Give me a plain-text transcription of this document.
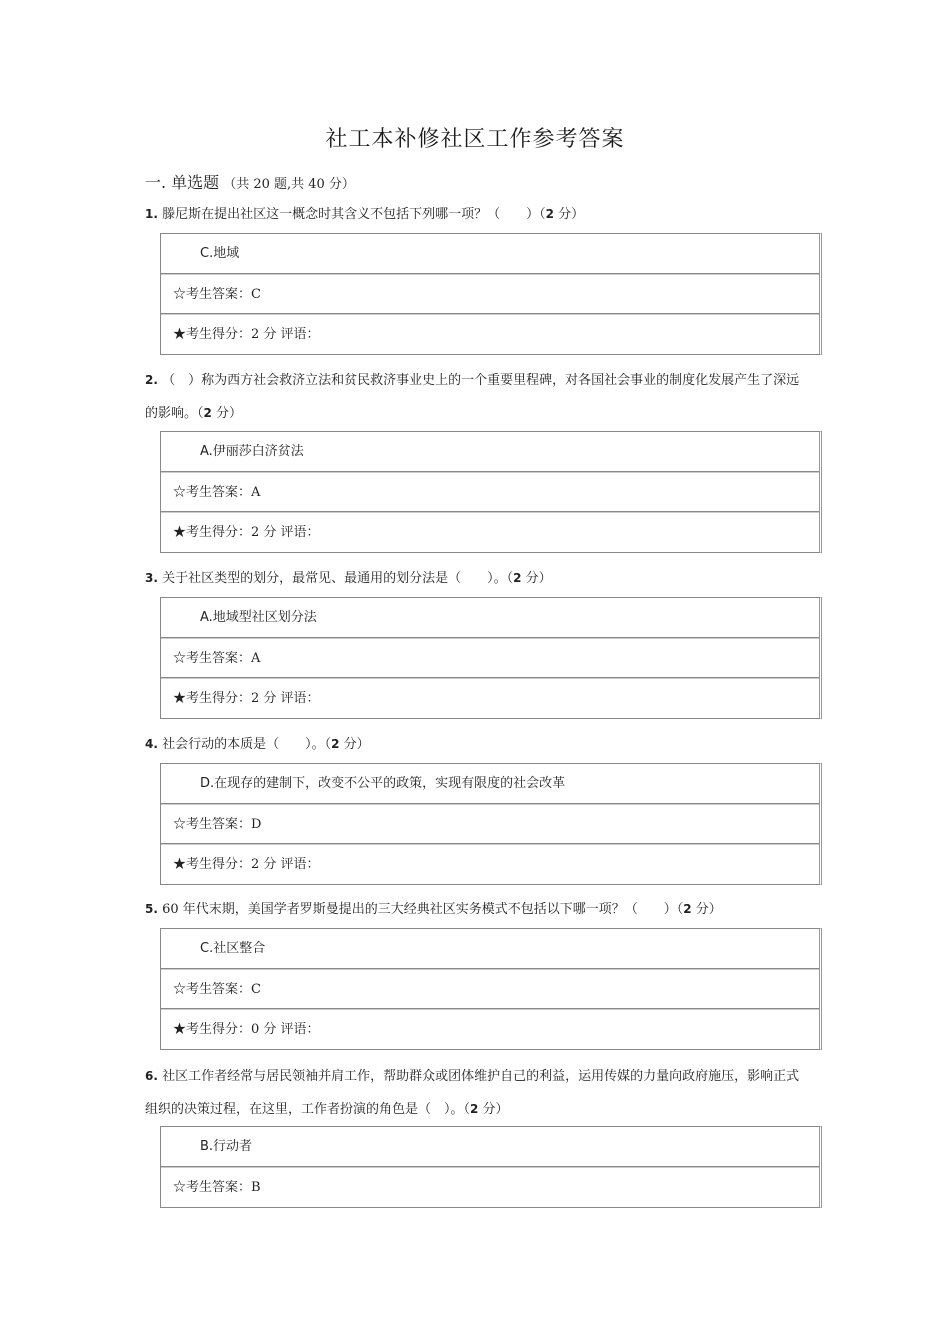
社工本补修社区工作参考答案
一. 单选题 （共 20 题,共 40 分）
1. 滕尼斯在提出社区这一概念时其含义不包括下列哪一项？（　　）（2 分）
C.地域
☆考生答案：C
★考生得分：2 分 评语：
2. （　）称为西方社会救济立法和贫民救济事业史上的一个重要里程碑，对各国社会事业的制度化发展产生了深远的影响。（2 分）
A.伊丽莎白济贫法
☆考生答案：A
★考生得分：2 分 评语：
3. 关于社区类型的划分，最常见、最通用的划分法是（　　）。（2 分）
A.地域型社区划分法
☆考生答案：A
★考生得分：2 分 评语：
4. 社会行动的本质是（　　）。（2 分）
D.在现存的建制下，改变不公平的政策，实现有限度的社会改革
☆考生答案：D
★考生得分：2 分 评语：
5. 60 年代末期，美国学者罗斯曼提出的三大经典社区实务模式不包括以下哪一项？（　　）（2 分）
C.社区整合
☆考生答案：C
★考生得分：0 分 评语：
6. 社区工作者经常与居民领袖并肩工作，帮助群众或团体维护自己的利益，运用传媒的力量向政府施压，影响正式组织的决策过程，在这里，工作者扮演的角色是（　）。（2 分）
B.行动者
☆考生答案：B
